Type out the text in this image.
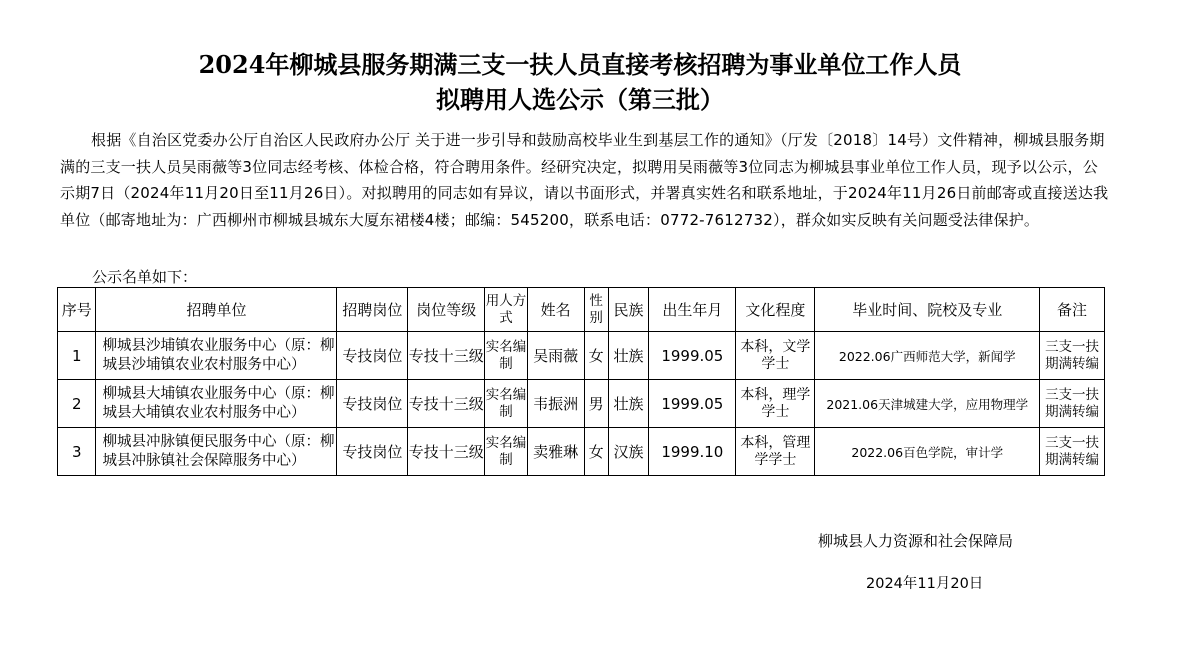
2024年柳城县服务期满三支一扶人员直接考核招聘为事业单位工作人员
拟聘用人选公示（第三批）
根据《自治区党委办公厅自治区人民政府办公厅 关于进一步引导和鼓励高校毕业生到基层工作的通知》（厅发〔2018〕14号）文件精神，柳城县服务期满的三支一扶人员吴雨薇等3位同志经考核、体检合格，符合聘用条件。经研究决定，拟聘用吴雨薇等3位同志为柳城县事业单位工作人员，现予以公示，公示期7日（2024年11月20日至11月26日）。对拟聘用的同志如有异议，请以书面形式，并署真实姓名和联系地址，于2024年11月26日前邮寄或直接送达我单位（邮寄地址为：广西柳州市柳城县城东大厦东裙楼4楼；邮编：545200，联系电话：0772-7612732），群众如实反映有关问题受法律保护。
公示名单如下：
序号	招聘单位	招聘岗位	岗位等级	用人方式	姓名	性别	民族	出生年月	文化程度	毕业时间、院校及专业	备注
1	柳城县沙埔镇农业服务中心（原：柳城县沙埔镇农业农村服务中心）	专技岗位	专技十三级	实名编制	吴雨薇	女	壮族	1999.05	本科，文学学士	2022.06广西师范大学，新闻学	三支一扶期满转编
2	柳城县大埔镇农业服务中心（原：柳城县大埔镇农业农村服务中心）	专技岗位	专技十三级	实名编制	韦振洲	男	壮族	1999.05	本科，理学学士	2021.06天津城建大学，应用物理学	三支一扶期满转编
3	柳城县冲脉镇便民服务中心（原：柳城县冲脉镇社会保障服务中心）	专技岗位	专技十三级	实名编制	卖雅琳	女	汉族	1999.10	本科，管理学学士	2022.06百色学院，审计学	三支一扶期满转编
柳城县人力资源和社会保障局
2024年11月20日
